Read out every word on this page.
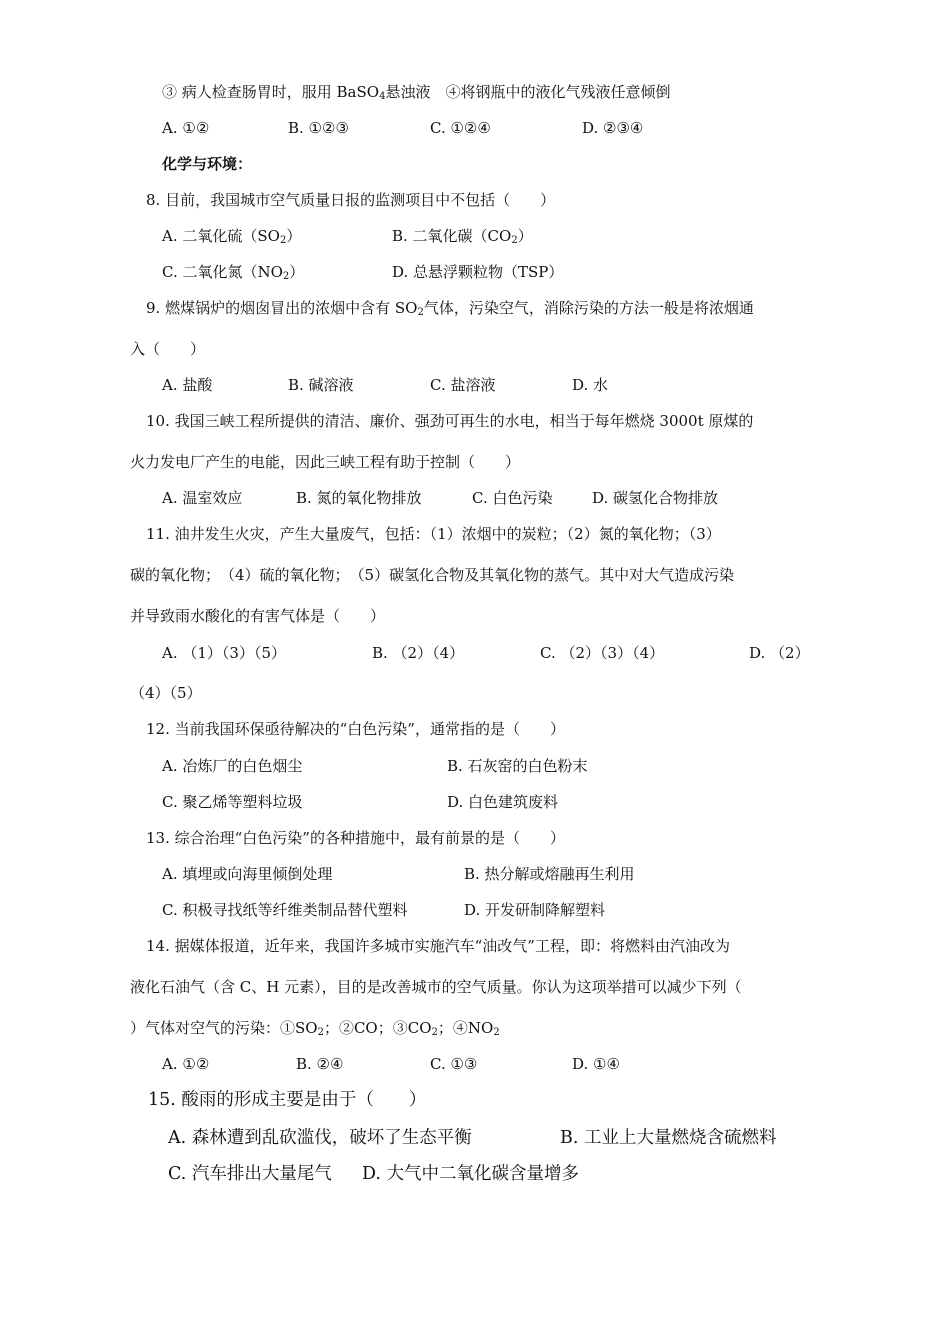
③ 病人检查肠胃时，服用 BaSO$_4$悬浊液　④将钢瓶中的液化气残液任意倾倒
A. ①②	B. ①②③	C. ①②④	D. ②③④
化学与环境：
8. 目前，我国城市空气质量日报的监测项目中不包括（　　）
A. 二氧化硫$(SO_2)$	B. 二氧化碳$(CO_2)$
C. 二氧化氮$(NO_2)$	D. 总悬浮颗粒物（TSP）
9. 燃煤锅炉的烟囱冒出的浓烟中含有 $SO_2$气体，污染空气，消除污染的方法一般是将浓烟通
入（　　）
A. 盐酸	B. 碱溶液	C. 盐溶液	D. 水
10. 我国三峡工程所提供的清洁、廉价、强劲可再生的水电，相当于每年燃烧 3000t 原煤的
火力发电厂产生的电能，因此三峡工程有助于控制（　　）
A. 温室效应	B. 氮的氧化物排放	C. 白色污染	D. 碳氢化合物排放
11. 油井发生火灾，产生大量废气，包括：（1）浓烟中的炭粒；（2）氮的氧化物；（3）
碳的氧化物；　（4）硫的氧化物；　（5）碳氢化合物及其氧化物的蒸气。其中对大气造成污染
并导致雨水酸化的有害气体是（　　）
A. （1）（3）（5）	B. （2）（4）	C. （2）（3）（4）	D. （2）
（4）（5）
12. 当前我国环保亟待解决的“白色污染”，通常指的是（　　）
A. 冶炼厂的白色烟尘	B. 石灰窑的白色粉末
C. 聚乙烯等塑料垃圾	D. 白色建筑废料
13. 综合治理“白色污染”的各种措施中，最有前景的是（　　）
A. 填埋或向海里倾倒处理	B. 热分解或熔融再生利用
C. 积极寻找纸等纤维类制品替代塑料	D. 开发研制降解塑料
14. 据媒体报道，近年来，我国许多城市实施汽车“油改气”工程，即：将燃料由汽油改为
液化石油气（含 C、H 元素），目的是改善城市的空气质量。你认为这项举措可以减少下列（
）气体对空气的污染：$①SO_2$；②CO；$③CO_2$；$④NO_2$
A. ①②	B. ②④	C. ①③	D. ①④
15. 酸雨的形成主要是由于（　　）
A. 森林遭到乱砍滥伐，破坏了生态平衡	B. 工业上大量燃烧含硫燃料
C. 汽车排出大量尾气 D. 大气中二氧化碳含量增多
